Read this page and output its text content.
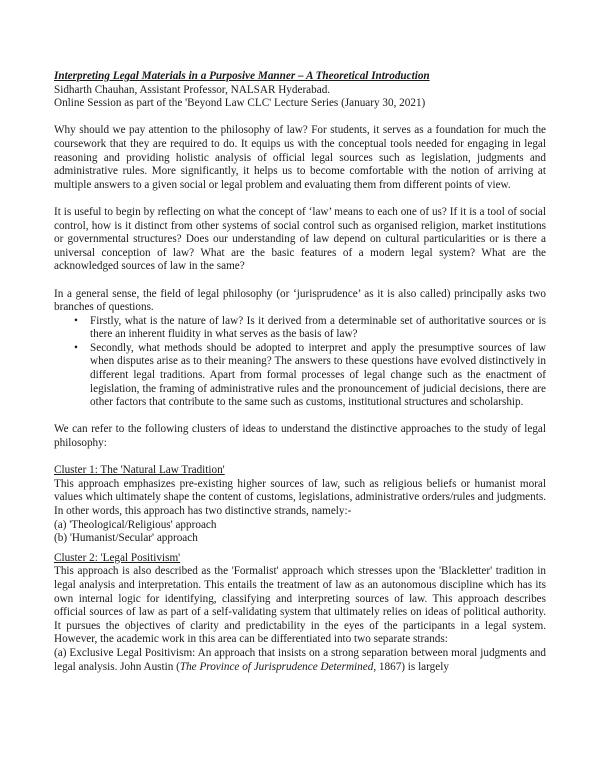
Interpreting Legal Materials in a Purposive Manner – A Theoretical Introduction

Sidharth Chauhan, Assistant Professor, NALSAR Hyderabad.

Online Session as part of the 'Beyond Law CLC' Lecture Series (January 30, 2021)

Why should we pay attention to the philosophy of law? For students, it serves as a foundation for much the coursework that they are required to do. It equips us with the conceptual tools needed for engaging in legal reasoning and providing holistic analysis of official legal sources such as legislation, judgments and administrative rules. More significantly, it helps us to become comfortable with the notion of arriving at multiple answers to a given social or legal problem and evaluating them from different points of view.

It is useful to begin by reflecting on what the concept of ‘law’ means to each one of us? If it is a tool of social control, how is it distinct from other systems of social control such as organised religion, market institutions or governmental structures? Does our understanding of law depend on cultural particularities or is there a universal conception of law? What are the basic features of a modern legal system? What are the acknowledged sources of law in the same?

In a general sense, the field of legal philosophy (or ‘jurisprudence’ as it is also called) principally asks two branches of questions.

• Firstly, what is the nature of law? Is it derived from a determinable set of authoritative sources or is there an inherent fluidity in what serves as the basis of law?
• Secondly, what methods should be adopted to interpret and apply the presumptive sources of law when disputes arise as to their meaning? The answers to these questions have evolved distinctively in different legal traditions. Apart from formal processes of legal change such as the enactment of legislation, the framing of administrative rules and the pronouncement of judicial decisions, there are other factors that contribute to the same such as customs, institutional structures and scholarship.

We can refer to the following clusters of ideas to understand the distinctive approaches to the study of legal philosophy:

Cluster 1: The 'Natural Law Tradition'

This approach emphasizes pre-existing higher sources of law, such as religious beliefs or humanist moral values which ultimately shape the content of customs, legislations, administrative orders/rules and judgments. In other words, this approach has two distinctive strands, namely:-

(a) 'Theological/Religious' approach

(b) 'Humanist/Secular' approach

Cluster 2: 'Legal Positivism'

This approach is also described as the 'Formalist' approach which stresses upon the 'Blackletter' tradition in legal analysis and interpretation. This entails the treatment of law as an autonomous discipline which has its own internal logic for identifying, classifying and interpreting sources of law. This approach describes official sources of law as part of a self-validating system that ultimately relies on ideas of political authority. It pursues the objectives of clarity and predictability in the eyes of the participants in a legal system. However, the academic work in this area can be differentiated into two separate strands:

(a) Exclusive Legal Positivism: An approach that insists on a strong separation between moral judgments and legal analysis. John Austin (The Province of Jurisprudence Determined, 1867) is largely
